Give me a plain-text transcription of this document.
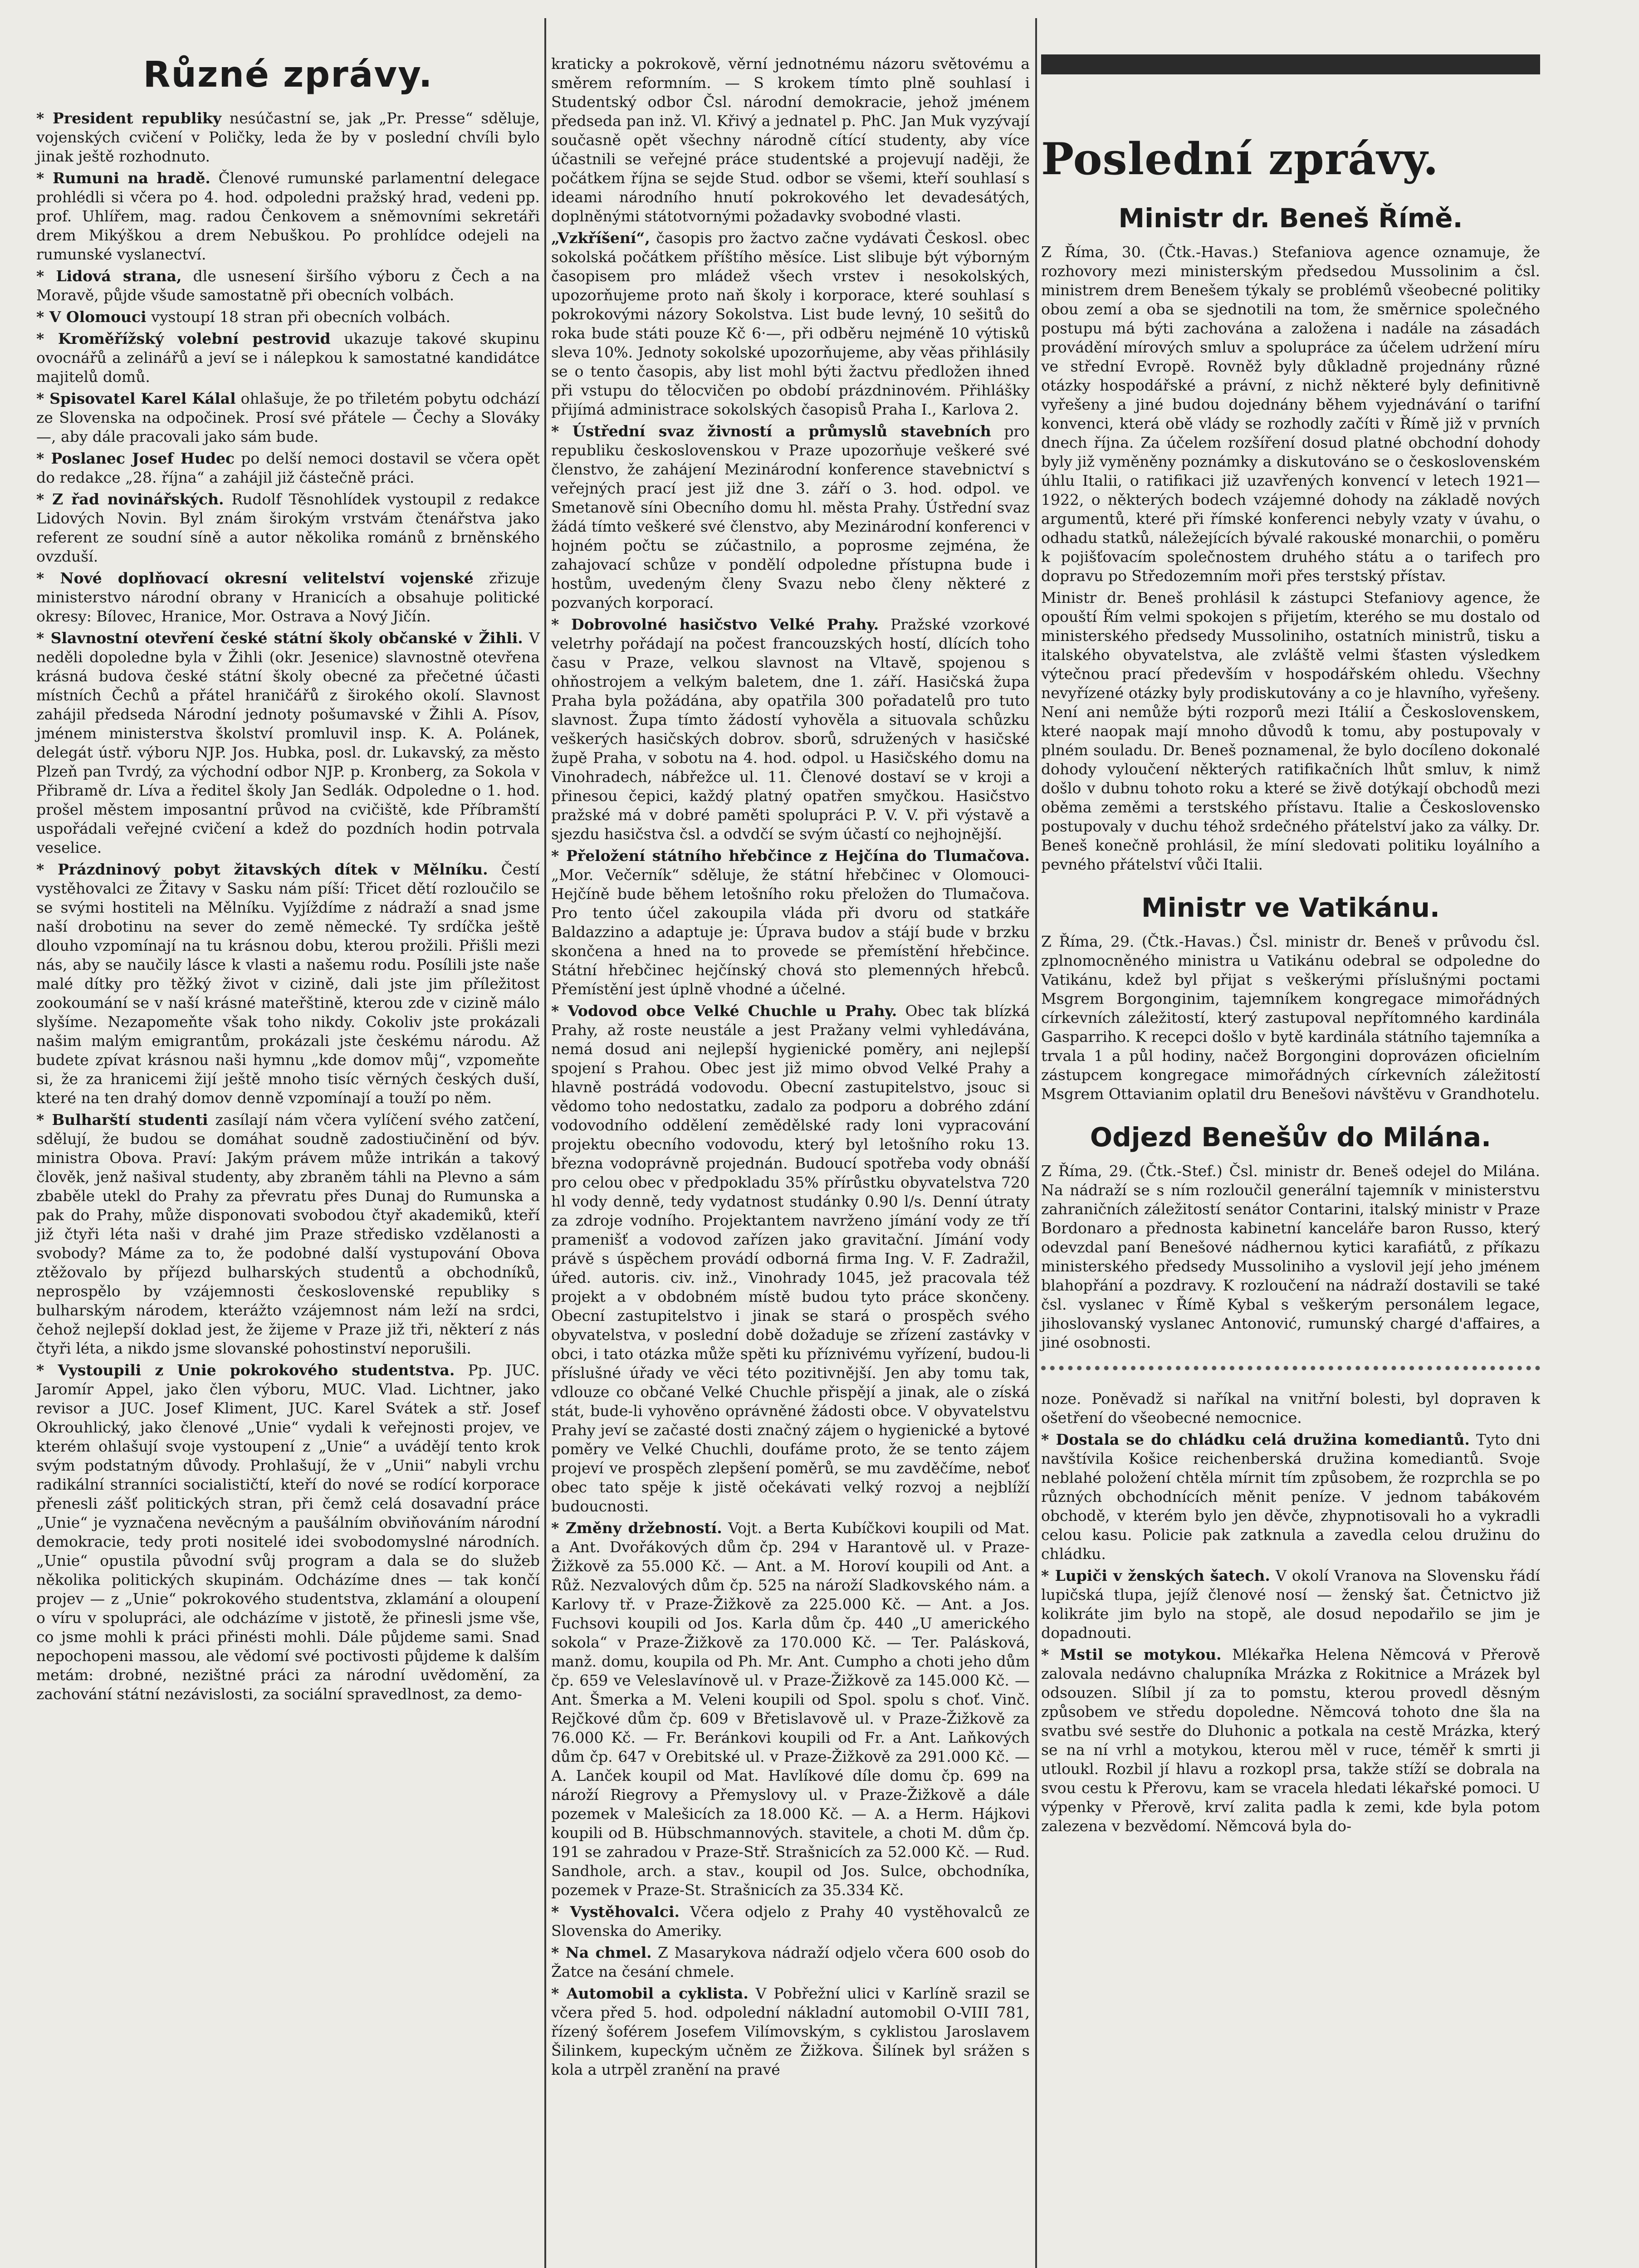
Různé zprávy.

* President republiky nesúčastní se, jak „Pr. Presse“ sděluje, vojenských cvičení v Poličky, leda že by v poslední chvíli bylo jinak ještě rozhodnuto.

* Rumuni na hradě. Členové rumunské parlamentní delegace prohlédli si včera po 4. hod. odpoledni pražský hrad, vedeni pp. prof. Uhlířem, mag. radou Čenkovem a sněmovními sekretáři drem Mikýškou a drem Nebuškou. Po prohlídce odejeli na rumunské vyslanectví.

* Lidová strana, dle usnesení širšího výboru z Čech a na Moravě, půjde všude samostatně při obecních volbách.

* V Olomouci vystoupí 18 stran při obecních volbách.

* Kroměřížský volební pestrovid ukazuje takové skupinu ovocnářů a zelinářů a jeví se i nálepkou k samostatné kandidátce majitelů domů.

* Spisovatel Karel Kálal ohlašuje, že po třiletém pobytu odchází ze Slovenska na odpočinek. Prosí své přátele — Čechy a Slováky —, aby dále pracovali jako sám bude.

* Poslanec Josef Hudec po delší nemoci dostavil se včera opět do redakce „28. října“ a zahájil již částečně práci.

* Z řad novinářských. Rudolf Těsnohlídek vystoupil z redakce Lidových Novin. Byl znám širokým vrstvám čtenářstva jako referent ze soudní síně a autor několika románů z brněnského ovzduší.

* Nové doplňovací okresní velitelství vojenské zřizuje ministerstvo národní obrany v Hranicích a obsahuje politické okresy: Bílovec, Hranice, Mor. Ostrava a Nový Jičín.

* Slavnostní otevření české státní školy občanské v Žihli. V neděli dopoledne byla v Žihli (okr. Jesenice) slavnostně otevřena krásná budova české státní školy obecné za přečetné účasti místních Čechů a přátel hraničářů z širokého okolí. Slavnost zahájil předseda Národní jednoty pošumavské v Žihli A. Písov, jménem ministerstva školství promluvil insp. K. A. Polánek, delegát ústř. výboru NJP. Jos. Hubka, posl. dr. Lukavský, za město Plzeň pan Tvrdý, za východní odbor NJP. p. Kronberg, za Sokola v Přibramě dr. Líva a ředitel školy Jan Sedlák. Odpoledne o 1. hod. prošel městem imposantní průvod na cvičiště, kde Příbramští uspořádali veřejné cvičení a kdež do pozdních hodin potrvala veselice.

* Prázdninový pobyt žitavských dítek v Mělníku. Čestí vystěhovalci ze Žitavy v Sasku nám píší: Třicet dětí rozloučilo se se svými hostiteli na Mělníku. Vyjíždíme z nádraží a snad jsme naší drobotinu na sever do země německé. Ty srdíčka ještě dlouho vzpomínají na tu krásnou dobu, kterou prožili. Přišli mezi nás, aby se naučily lásce k vlasti a našemu rodu. Posílili jste naše malé dítky pro těžký život v cizině, dali jste jim příležitost zookoumání se v naší krásné mateřštině, kterou zde v cizině málo slyšíme. Nezapomeňte však toho nikdy. Cokoliv jste prokázali našim malým emigrantům, prokázali jste českému národu. Až budete zpívat krásnou naši hymnu „kde domov můj“, vzpomeňte si, že za hranicemi žijí ještě mnoho tisíc věrných českých duší, které na ten drahý domov denně vzpomínají a touží po něm.

* Bulharští studenti zasílají nám včera vylíčení svého zatčení, sdělují, že budou se domáhat soudně zadostiučinění od býv. ministra Obova. Praví: Jakým právem může intrikán a takový člověk, jenž našival studenty, aby zbraněm táhli na Plevno a sám zbaběle utekl do Prahy za převratu přes Dunaj do Rumunska a pak do Prahy, může disponovati svobodou čtyř akademiků, kteří již čtyři léta naši v drahé jim Praze středisko vzdělanosti a svobody? Máme za to, že podobné další vystupování Obova ztěžovalo by příjezd bulharských studentů a obchodníků, neprospělo by vzájemnosti československé republiky s bulharským národem, kterážto vzájemnost nám leží na srdci, čehož nejlepší doklad jest, že žijeme v Praze již tři, některí z nás čtyři léta, a nikdo jsme slovanské pohostinství neporušili.

* Vystoupili z Unie pokrokového studentstva. Pp. JUC. Jaromír Appel, jako člen výboru, MUC. Vlad. Lichtner, jako revisor a JUC. Josef Kliment, JUC. Karel Svátek a stř. Josef Okrouhlický, jako členové „Unie“ vydali k veřejnosti projev, ve kterém ohlašují svoje vystoupení z „Unie“ a uvádějí tento krok svým podstatným důvody. Prohlašují, že v „Unii“ nabyli vrchu radikální stranníci socialističtí, kteří do nové se rodící korporace přenesli zášť politických stran, při čemž celá dosavadní práce „Unie“ je vyznačena nevěcným a paušálním obviňováním národní demokracie, tedy proti nositelé idei svobodomyslné národních. „Unie“ opustila původní svůj program a dala se do služeb několika politických skupinám. Odcházíme dnes — tak končí projev — z „Unie“ pokrokového studentstva, zklamání a oloupení o víru v spolupráci, ale odcházíme v jistotě, že přinesli jsme vše, co jsme mohli k práci přinésti mohli. Dále půjdeme sami. Snad nepochopeni massou, ale vědomí své poctivosti půjdeme k dalším metám: drobné, nezištné práci za národní uvědomění, za zachování státní nezávislosti, za sociální spravedlnost, za demo-

kraticky a pokrokově, věrní jednotnému názoru světovému a směrem reformním. — S krokem tímto plně souhlasí i Studentský odbor Čsl. národní demokracie, jehož jménem předseda pan inž. Vl. Křivý a jednatel p. PhC. Jan Muk vyzývají současně opět všechny národně cítící studenty, aby více účastnili se veřejné práce studentské a projevují naději, že počátkem října se sejde Stud. odbor se všemi, kteří souhlasí s ideami národního hnutí pokrokového let devadesátých, doplněnými státotvornými požadavky svobodné vlasti.

„Vzkříšení“, časopis pro žactvo začne vydávati Českosl. obec sokolská počátkem příštího měsíce. List slibuje být výborným časopisem pro mládež všech vrstev i nesokolských, upozorňujeme proto naň školy i korporace, které souhlasí s pokrokovými názory Sokolstva. List bude levný, 10 sešitů do roka bude státi pouze Kč 6·—, při odběru nejméně 10 výtisků sleva 10%. Jednoty sokolské upozorňujeme, aby věas přihlásily se o tento časopis, aby list mohl býti žactvu předložen ihned při vstupu do tělocvičen po období prázdninovém. Přihlášky přijímá administrace sokolských časopisů Praha I., Karlova 2.

* Ústřední svaz živností a průmyslů stavebních pro republiku československou v Praze upozorňuje veškeré své členstvo, že zahájení Mezinárodní konference stavebnictví s veřejných prací jest již dne 3. září o 3. hod. odpol. ve Smetanově síni Obecního domu hl. města Prahy. Ústřední svaz žádá tímto veškeré své členstvo, aby Mezinárodní konferenci v hojném počtu se zúčastnilo, a poprosme zejména, že zahajovací schůze v pondělí odpoledne přístupna bude i hostům, uvedeným členy Svazu nebo členy některé z pozvaných korporací.

* Dobrovolné hasičstvo Velké Prahy. Pražské vzorkové veletrhy pořádají na počest francouzských hostí, dlících toho času v Praze, velkou slavnost na Vltavě, spojenou s ohňostrojem a velkým baletem, dne 1. září. Hasičská župa Praha byla požádána, aby opatřila 300 pořadatelů pro tuto slavnost. Župa tímto žádostí vyhověla a situovala schůzku veškerých hasičských dobrov. sborů, sdružených v hasičské župě Praha, v sobotu na 4. hod. odpol. u Hasičského domu na Vinohradech, nábřežce ul. 11. Členové dostaví se v kroji a přinesou čepici, každý platný opatřen smyčkou. Hasičstvo pražské má v dobré paměti spolupráci P. V. V. při výstavě a sjezdu hasičstva čsl. a odvdčí se svým účastí co nejhojnější.

* Přeložení státního hřebčince z Hejčína do Tlumačova. „Mor. Večerník“ sděluje, že státní hřebčinec v Olomouci-Hejčíně bude během letošního roku přeložen do Tlumačova. Pro tento účel zakoupila vláda při dvoru od statkáře Baldazzino a adaptuje je: Úprava budov a stájí bude v brzku skončena a hned na to provede se přemístění hřebčince. Státní hřebčinec hejčínský chová sto plemenných hřebců. Přemístění jest úplně vhodné a účelné.

* Vodovod obce Velké Chuchle u Prahy. Obec tak blízká Prahy, až roste neustále a jest Pražany velmi vyhledávána, nemá dosud ani nejlepší hygienické poměry, ani nejlepší spojení s Prahou. Obec jest již mimo obvod Velké Prahy a hlavně postrádá vodovodu. Obecní zastupitelstvo, jsouc si vědomo toho nedostatku, zadalo za podporu a dobrého zdání vodovodního oddělení zemědělské rady loni vypracování projektu obecního vodovodu, který byl letošního roku 13. března vodoprávně projednán. Budoucí spotřeba vody obnáší pro celou obec v předpokladu 35% přírůstku obyvatelstva 720 hl vody denně, tedy vydatnost studánky 0.90 l/s. Denní útraty za zdroje vodního. Projektantem navrženo jímání vody ze tří pramenišť a vodovod zařízen jako gravitační. Jímání vody právě s úspěchem provádí odborná firma Ing. V. F. Zadražil, úřed. autoris. civ. inž., Vinohrady 1045, jež pracovala též projekt a v obdobném místě budou tyto práce skončeny. Obecní zastupitelstvo i jinak se stará o prospěch svého obyvatelstva, v poslední době dožaduje se zřízení zastávky v obci, i tato otázka může spěti ku příznivému vyřízení, budou-li příslušné úřady ve věci této pozitivnější. Jen aby tomu tak, vdlouze co občané Velké Chuchle přispějí a jinak, ale o získá stát, bude-li vyhověno oprávněné žádosti obce. V obyvatelstvu Prahy jeví se začasté dosti značný zájem o hygienické a bytové poměry ve Velké Chuchli, doufáme proto, že se tento zájem projeví ve prospěch zlepšení poměrů, se mu zavděčíme, neboť obec tato spěje k jistě očekávati velký rozvoj a nejblíží budoucnosti.

* Změny držebností. Vojt. a Berta Kubíčkovi koupili od Mat. a Ant. Dvořákových dům čp. 294 v Harantově ul. v Praze-Žižkově za 55.000 Kč. — Ant. a M. Horoví koupili od Ant. a Růž. Nezvalových dům čp. 525 na nároží Sladkovského nám. a Karlovy tř. v Praze-Žižkově za 225.000 Kč. — Ant. a Jos. Fuchsovi koupili od Jos. Karla dům čp. 440 „U amerického sokola“ v Praze-Žižkově za 170.000 Kč. — Ter. Palásková, manž. domu, koupila od Ph. Mr. Ant. Cumpho a choti jeho dům čp. 659 ve Veleslavínově ul. v Praze-Žižkově za 145.000 Kč. — Ant. Šmerka a M. Veleni koupili od Spol. spolu s choť. Vinč. Rejčkové dům čp. 609 v Břetislavově ul. v Praze-Žižkově za 76.000 Kč. — Fr. Beránkovi koupili od Fr. a Ant. Laňkových dům čp. 647 v Orebitské ul. v Praze-Žižkově za 291.000 Kč. — A. Lanček koupil od Mat. Havlíkové díle domu čp. 699 na nároží Riegrovy a Přemyslovy ul. v Praze-Žižkově a dále pozemek v Malešicích za 18.000 Kč. — A. a Herm. Hájkovi koupili od B. Hübschmannových. stavitele, a choti M. dům čp. 191 se zahradou v Praze-Stř. Strašnicích za 52.000 Kč. — Rud. Sandhole, arch. a stav., koupil od Jos. Sulce, obchodníka, pozemek v Praze-St. Strašnicích za 35.334 Kč.

* Vystěhovalci. Včera odjelo z Prahy 40 vystěhovalců ze Slovenska do Ameriky.

* Na chmel. Z Masarykova nádraží odjelo včera 600 osob do Žatce na česání chmele.

* Automobil a cyklista. V Pobřežní ulici v Karlíně srazil se včera před 5. hod. odpolední nákladní automobil O-VIII 781, řízený šoférem Josefem Vilímovským, s cyklistou Jaroslavem Šilinkem, kupeckým učněm ze Žižkova. Šilínek byl srážen s kola a utrpěl zranění na pravé

Poslední zprávy.
Ministr dr. Beneš Římě.

Z Říma, 30. (Čtk.-Havas.) Stefaniova agence oznamuje, že rozhovory mezi ministerským předsedou Mussolinim a čsl. ministrem drem Benešem týkaly se problémů všeobecné politiky obou zemí a oba se sjednotili na tom, že směrnice společného postupu má býti zachována a založena i nadále na zásadách provádění mírových smluv a spolupráce za účelem udržení míru ve střední Evropě. Rovněž byly důkladně projednány různé otázky hospodářské a právní, z nichž některé byly definitivně vyřešeny a jiné budou dojednány během vyjednávání o tarifní konvenci, která obě vlády se rozhodly začíti v Římě již v prvních dnech října. Za účelem rozšíření dosud platné obchodní dohody byly již vyměněny poznámky a diskutováno se o československém úhlu Italii, o ratifikaci již uzavřených konvencí v letech 1921—1922, o některých bodech vzájemné dohody na základě nových argumentů, které při římské konferenci nebyly vzaty v úvahu, o odhadu statků, náležejících bývalé rakouské monarchii, o poměru k pojišťovacím společnostem druhého státu a o tarifech pro dopravu po Středozemním moři přes terstský přístav.

Ministr dr. Beneš prohlásil k zástupci Stefaniovy agence, že opouští Řím velmi spokojen s přijetím, kterého se mu dostalo od ministerského předsedy Mussoliniho, ostatních ministrů, tisku a italského obyvatelstva, ale zvláště velmi šťasten výsledkem výtečnou prací především v hospodářském ohledu. Všechny nevyřízené otázky byly prodiskutovány a co je hlavního, vyřešeny. Není ani nemůže býti rozporů mezi Itálií a Československem, které naopak mají mnoho důvodů k tomu, aby postupovaly v plném souladu. Dr. Beneš poznamenal, že bylo docíleno dokonalé dohody vyloučení některých ratifikačních lhůt smluv, k nimž došlo v dubnu tohoto roku a které se živě dotýkají obchodů mezi oběma zeměmi a terstského přístavu. Italie a Československo postupovaly v duchu téhož srdečného přátelství jako za války. Dr. Beneš konečně prohlásil, že míní sledovati politiku loyálního a pevného přátelství vůči Italii.

Ministr ve Vatikánu.

Z Říma, 29. (Čtk.-Havas.) Čsl. ministr dr. Beneš v průvodu čsl. zplnomocněného ministra u Vatikánu odebral se odpoledne do Vatikánu, kdež byl přijat s veškerými příslušnými poctami Msgrem Borgonginim, tajemníkem kongregace mimořádných církevních záležitostí, který zastupoval nepřítomného kardinála Gasparriho. K recepci došlo v bytě kardinála státního tajemníka a trvala 1 a půl hodiny, načež Borgongini doprovázen oficielním zástupcem kongregace mimořádných církevních záležitostí Msgrem Ottavianim oplatil dru Benešovi návštěvu v Grandhotelu.

Odjezd Benešův do Milána.

Z Říma, 29. (Čtk.-Stef.) Čsl. ministr dr. Beneš odejel do Milána. Na nádraží se s ním rozloučil generální tajemník v ministerstvu zahraničních záležitostí senátor Contarini, italský ministr v Praze Bordonaro a přednosta kabinetní kanceláře baron Russo, který odevzdal paní Benešové nádhernou kytici karafiátů, z příkazu ministerského předsedy Mussoliniho a vyslovil její jeho jménem blahopřání a pozdravy. K rozloučení na nádraží dostavili se také čsl. vyslanec v Římě Kybal s veškerým personálem legace, jihoslovanský vyslanec Antonović, rumunský chargé d'affaires, a jiné osobnosti.

noze. Poněvadž si naříkal na vnitřní bolesti, byl dopraven k ošetření do všeobecné nemocnice.

* Dostala se do chládku celá družina komediantů. Tyto dni navštívila Košice reichenberská družina komediantů. Svoje neblahé položení chtěla mírnit tím způsobem, že rozprchla se po různých obchodnících měnit peníze. V jednom tabákovém obchodě, v kterém bylo jen děvče, zhypnotisovali ho a vykradli celou kasu. Policie pak zatknula a zavedla celou družinu do chládku.

* Lupiči v ženských šatech. V okolí Vranova na Slovensku řádí lupičská tlupa, jejíž členové nosí — ženský šat. Četnictvo již kolikráte jim bylo na stopě, ale dosud nepodařilo se jim je dopadnouti.

* Mstil se motykou. Mlékařka Helena Němcová v Přerově zalovala nedávno chalupníka Mrázka z Rokitnice a Mrázek byl odsouzen. Slíbil jí za to pomstu, kterou provedl děsným způsobem ve středu dopoledne. Němcová tohoto dne šla na svatbu své sestře do Dluhonic a potkala na cestě Mrázka, který se na ní vrhl a motykou, kterou měl v ruce, téměř k smrti ji utloukl. Rozbil jí hlavu a rozkopl prsa, takže stíží se dobrala na svou cestu k Přerovu, kam se vracela hledati lékařské pomoci. U výpenky v Přerově, krví zalita padla k zemi, kde byla potom zalezena v bezvědomí. Němcová byla do-
